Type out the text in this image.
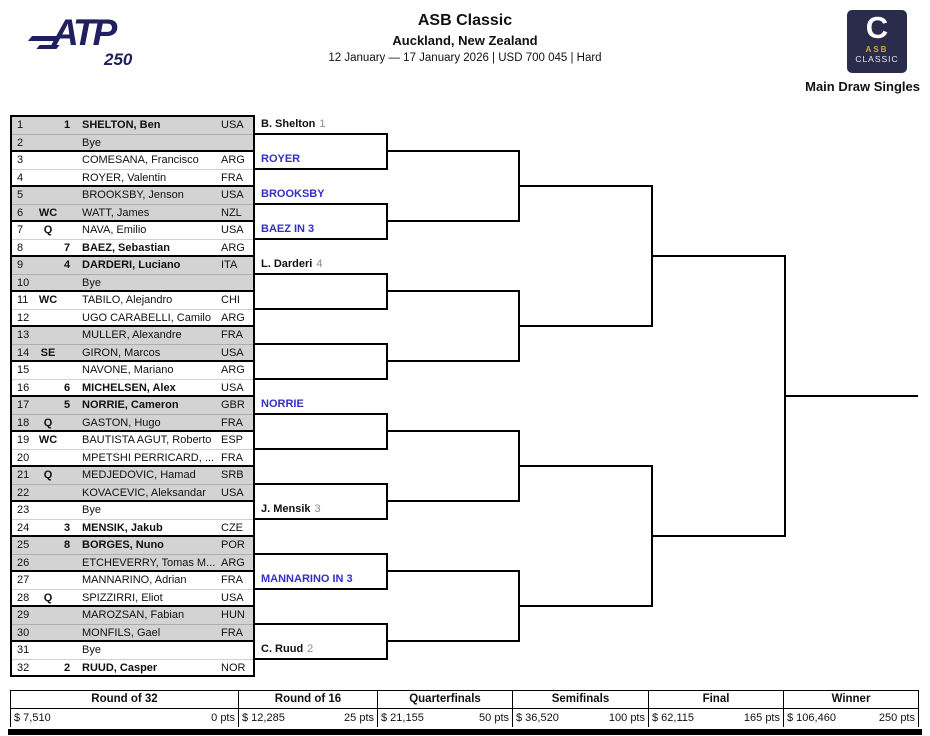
ATP
250
ASB Classic
Auckland, New Zealand
12 January — 17 January 2026 | USD 700 045 | Hard
C
ASB
CLASSIC
Main Draw Singles
1	1	SHELTON, Ben	USA
2	Bye
3	COMESANA, Francisco	ARG
4	ROYER, Valentin	FRA
5	BROOKSBY, Jenson	USA
6	WC	WATT, James	NZL
7	Q	NAVA, Emilio	USA
8	7	BAEZ, Sebastian	ARG
9	4	DARDERI, Luciano	ITA
10	Bye
11 WC	TABILO, Alejandro	CHI
12	UGO CARABELLI, Camilo ARG
13	MULLER, Alexandre	FRA
14	SE	GIRON, Marcos	USA
15	NAVONE, Mariano	ARG
16	6	MICHELSEN, Alex	USA
17	5	NORRIE, Cameron	GBR
18	Q	GASTON, Hugo	FRA
19 WC	BAUTISTA AGUT, Roberto ESP
20	MPETSHI PERRICARD, ... FRA
21	Q	MEDJEDOVIC, Hamad	SRB
22	KOVACEVIC, Aleksandar	USA
23	Bye
24	3	MENSIK, Jakub	CZE
25	8	BORGES, Nuno	POR
26	ETCHEVERRY, Tomas M... ARG
27	MANNARINO, Adrian	FRA
28	Q	SPIZZIRRI, Eliot	USA
29	MAROZSAN, Fabian	HUN
30	MONFILS, Gael	FRA
31	Bye
32	2	RUUD, Casper	NOR
B. Shelton 1
ROYER
BROOKSBY
BAEZ IN 3
L. Darderi 4
NORRIE
J. Mensik 3
MANNARINO IN 3
C. Ruud 2
Round of 32
$ 7,510	0 pts
Round of 16
$ 12,285	25 pts
Quarterfinals
$ 21,155	50 pts
Semifinals
$ 36,520	100 pts
Final
$ 62,115	165 pts
Winner
$ 106,460	250 pts
